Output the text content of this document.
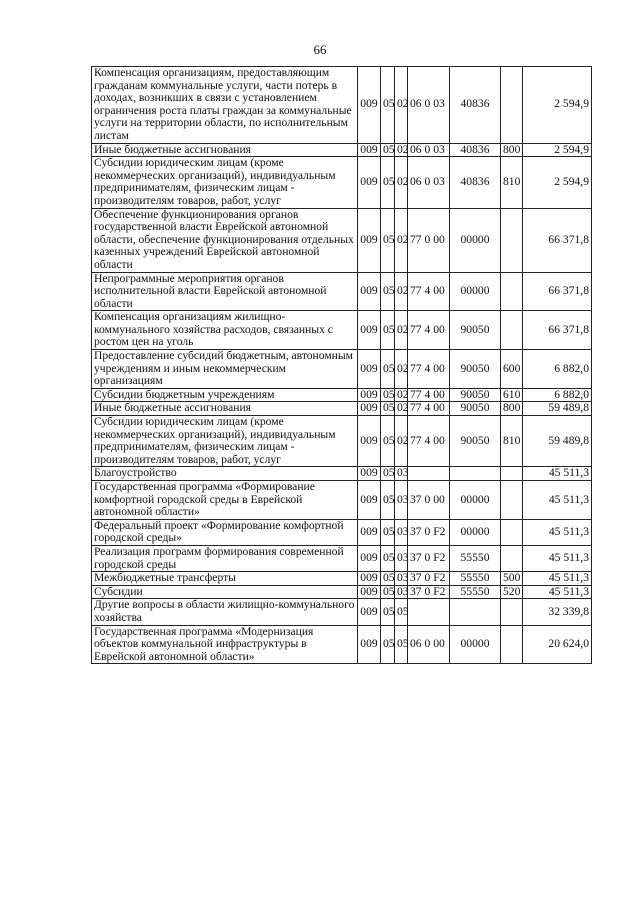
66
Компенсация организациям, предоставляющим гражданам коммунальные услуги, части потерь в доходах, возникших в связи с установлением ограничения роста платы граждан за коммунальные услуги на территории области, по исполнительным листам	009	05	02	06 0 03	40836		2 594,9
Иные бюджетные ассигнования	009	05	02	06 0 03	40836	800	2 594,9
Субсидии юридическим лицам (кроме некоммерческих организаций), индивидуальным предпринимателям, физическим лицам - производителям товаров, работ, услуг	009	05	02	06 0 03	40836	810	2 594,9
Обеспечение функционирования органов государственной власти Еврейской автономной области, обеспечение функционирования отдельных казенных учреждений Еврейской автономной области	009	05	02	77 0 00	00000		66 371,8
Непрограммные мероприятия органов исполнительной власти Еврейской автономной области	009	05	02	77 4 00	00000		66 371,8
Компенсация организациям жилищно-коммунального хозяйства расходов, связанных с ростом цен на уголь	009	05	02	77 4 00	90050		66 371,8
Предоставление субсидий бюджетным, автономным учреждениям и иным некоммерческим организациям	009	05	02	77 4 00	90050	600	6 882,0
Субсидии бюджетным учреждениям	009	05	02	77 4 00	90050	610	6 882,0
Иные бюджетные ассигнования	009	05	02	77 4 00	90050	800	59 489,8
Субсидии юридическим лицам (кроме некоммерческих организаций), индивидуальным предпринимателям, физическим лицам - производителям товаров, работ, услуг	009	05	02	77 4 00	90050	810	59 489,8
Благоустройство	009	05	03				45 511,3
Государственная программа «Формирование комфортной городской среды в Еврейской автономной области»	009	05	03	37 0 00	00000		45 511,3
Федеральный проект «Формирование комфортной городской среды»	009	05	03	37 0 F2	00000		45 511,3
Реализация программ формирования современной городской среды	009	05	03	37 0 F2	55550		45 511,3
Межбюджетные трансферты	009	05	03	37 0 F2	55550	500	45 511,3
Субсидии	009	05	03	37 0 F2	55550	520	45 511,3
Другие вопросы в области жилищно-коммунального хозяйства	009	05	05				32 339,8
Государственная программа «Модернизация объектов коммунальной инфраструктуры в Еврейской автономной области»	009	05	05	06 0 00	00000		20 624,0
